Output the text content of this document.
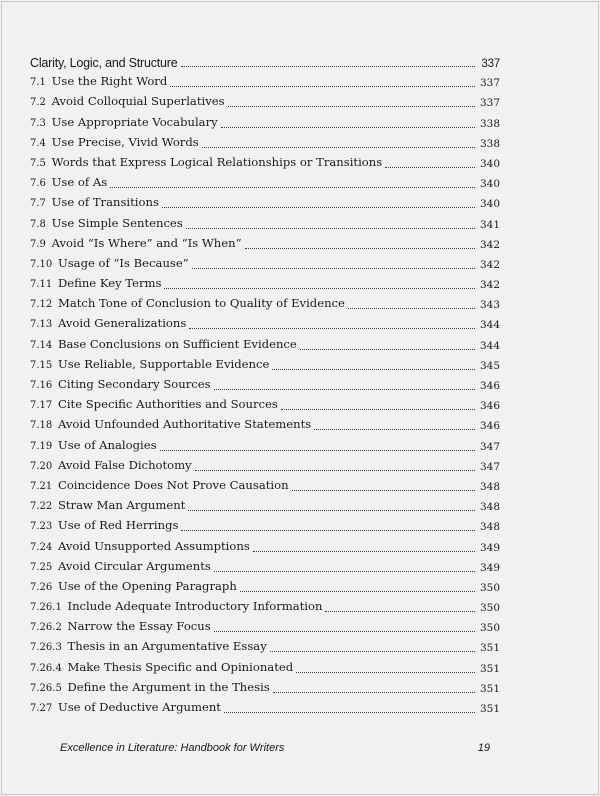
Clarity, Logic, and Structure	337
7.1 Use the Right Word	337
7.2 Avoid Colloquial Superlatives	337
7.3 Use Appropriate Vocabulary	338
7.4 Use Precise, Vivid Words	338
7.5 Words that Express Logical Relationships or Transitions	340
7.6 Use of As	340
7.7 Use of Transitions	340
7.8 Use Simple Sentences	341
7.9 Avoid “Is Where” and “Is When”	342
7.10 Usage of “Is Because”	342
7.11 Define Key Terms	342
7.12 Match Tone of Conclusion to Quality of Evidence	343
7.13 Avoid Generalizations	344
7.14 Base Conclusions on Sufficient Evidence	344
7.15 Use Reliable, Supportable Evidence	345
7.16 Citing Secondary Sources	346
7.17 Cite Specific Authorities and Sources	346
7.18 Avoid Unfounded Authoritative Statements	346
7.19 Use of Analogies	347
7.20 Avoid False Dichotomy	347
7.21 Coincidence Does Not Prove Causation	348
7.22 Straw Man Argument	348
7.23 Use of Red Herrings	348
7.24 Avoid Unsupported Assumptions	349
7.25 Avoid Circular Arguments	349
7.26 Use of the Opening Paragraph	350
7.26.1 Include Adequate Introductory Information	350
7.26.2 Narrow the Essay Focus	350
7.26.3 Thesis in an Argumentative Essay	351
7.26.4 Make Thesis Specific and Opinionated	351
7.26.5 Define the Argument in the Thesis	351
7.27 Use of Deductive Argument	351
Excellence in Literature: Handbook for Writers	19
